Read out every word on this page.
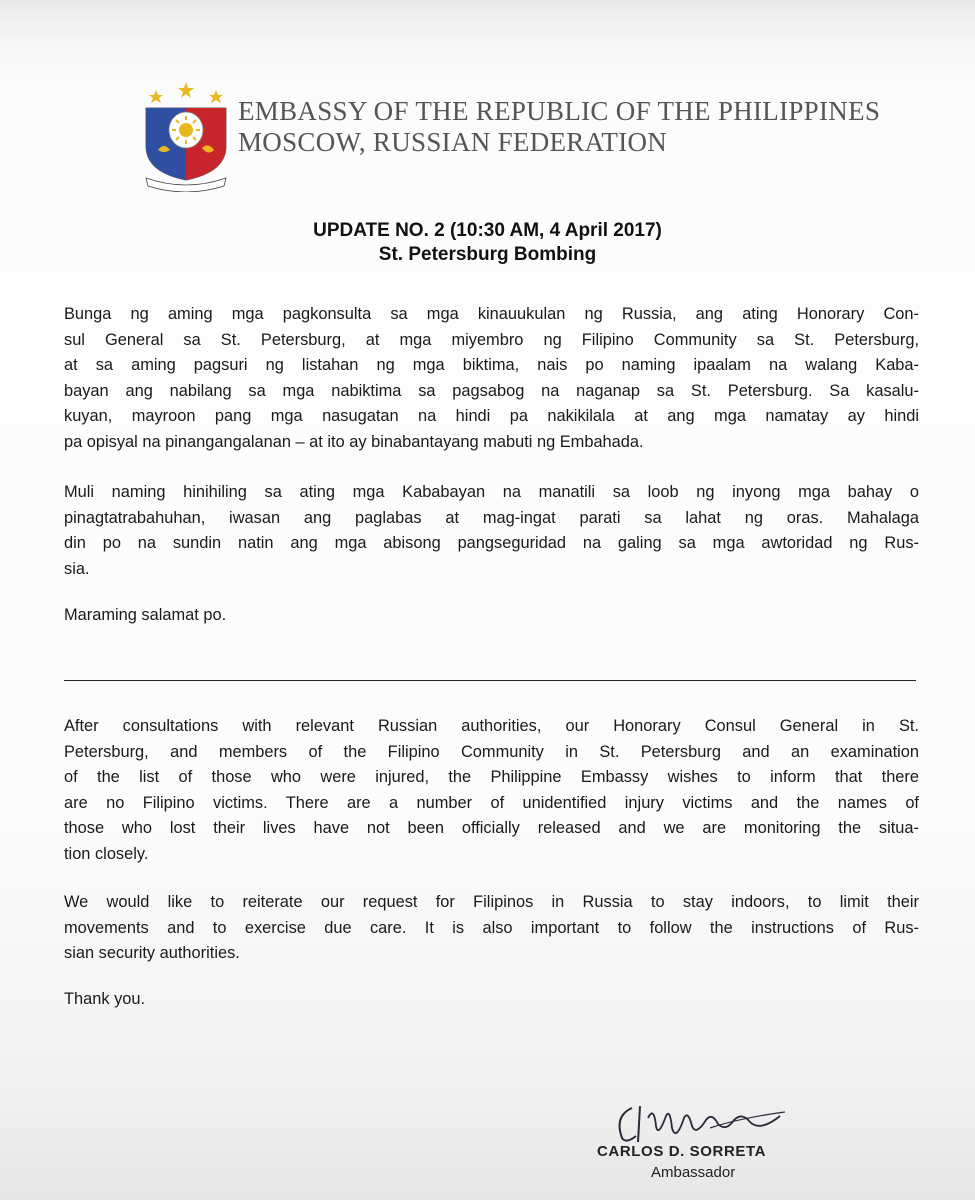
EMBASSY OF THE REPUBLIC OF THE PHILIPPINES
MOSCOW, RUSSIAN FEDERATION
UPDATE NO. 2 (10:30 AM, 4 April 2017)
St. Petersburg Bombing
Bunga ng aming mga pagkonsulta sa mga kinauukulan ng Russia, ang ating Honorary Con-
sul General sa St. Petersburg, at mga miyembro ng Filipino Community sa St. Petersburg,
at sa aming pagsuri ng listahan ng mga biktima, nais po naming ipaalam na walang Kaba-
bayan ang nabilang sa mga nabiktima sa pagsabog na naganap sa St. Petersburg. Sa kasalu-
kuyan, mayroon pang mga nasugatan na hindi pa nakikilala at ang mga namatay ay hindi
pa opisyal na pinangangalanan – at ito ay binabantayang mabuti ng Embahada.
Muli naming hinihiling sa ating mga Kababayan na manatili sa loob ng inyong mga bahay o
pinagtatrabahuhan, iwasan ang paglabas at mag-ingat parati sa lahat ng oras. Mahalaga
din po na sundin natin ang mga abisong pangseguridad na galing sa mga awtoridad ng Rus-
sia.
Maraming salamat po.
After consultations with relevant Russian authorities, our Honorary Consul General in St.
Petersburg, and members of the Filipino Community in St. Petersburg and an examination
of the list of those who were injured, the Philippine Embassy wishes to inform that there
are no Filipino victims. There are a number of unidentified injury victims and the names of
those who lost their lives have not been officially released and we are monitoring the situa-
tion closely.
We would like to reiterate our request for Filipinos in Russia to stay indoors, to limit their
movements and to exercise due care. It is also important to follow the instructions of Rus-
sian security authorities.
Thank you.
CARLOS D. SORRETA
Ambassador
